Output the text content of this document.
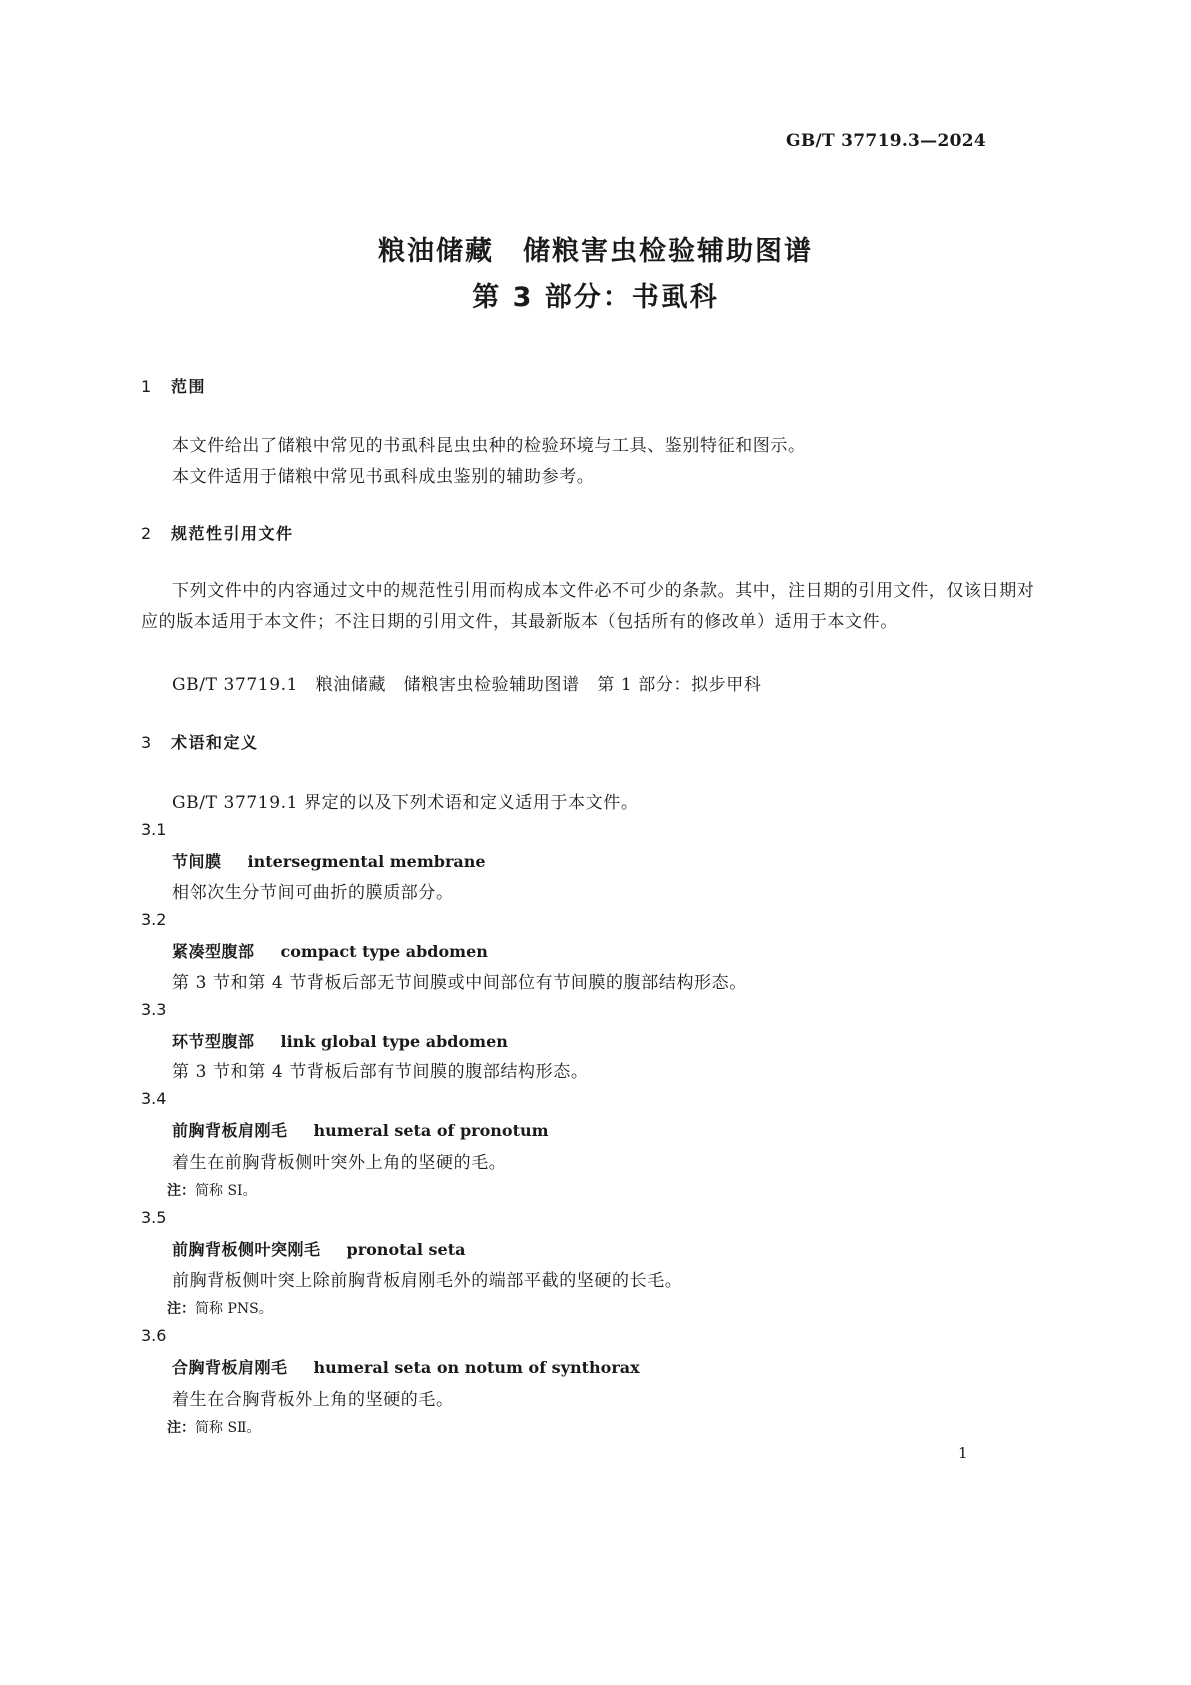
GB/T 37719.3—2024
粮油储藏　储粮害虫检验辅助图谱
第 3 部分：书虱科
1 范围
本文件给出了储粮中常见的书虱科昆虫虫种的检验环境与工具、鉴别特征和图示。
本文件适用于储粮中常见书虱科成虫鉴别的辅助参考。
2 规范性引用文件
下列文件中的内容通过文中的规范性引用而构成本文件必不可少的条款。其中，注日期的引用文件，仅该日期对应的版本适用于本文件；不注日期的引用文件，其最新版本（包括所有的修改单）适用于本文件。
GB/T 37719.1　粮油储藏　储粮害虫检验辅助图谱　第 1 部分：拟步甲科
3 术语和定义
GB/T 37719.1 界定的以及下列术语和定义适用于本文件。
3.1
节间膜 intersegmental membrane
相邻次生分节间可曲折的膜质部分。
3.2
紧凑型腹部 compact type abdomen
第 3 节和第 4 节背板后部无节间膜或中间部位有节间膜的腹部结构形态。
3.3
环节型腹部 link global type abdomen
第 3 节和第 4 节背板后部有节间膜的腹部结构形态。
3.4
前胸背板肩刚毛 humeral seta of pronotum
着生在前胸背板侧叶突外上角的坚硬的毛。
注：简称 SⅠ。
3.5
前胸背板侧叶突刚毛 pronotal seta
前胸背板侧叶突上除前胸背板肩刚毛外的端部平截的坚硬的长毛。
注：简称 PNS。
3.6
合胸背板肩刚毛 humeral seta on notum of synthorax
着生在合胸背板外上角的坚硬的毛。
注：简称 SⅡ。
1
